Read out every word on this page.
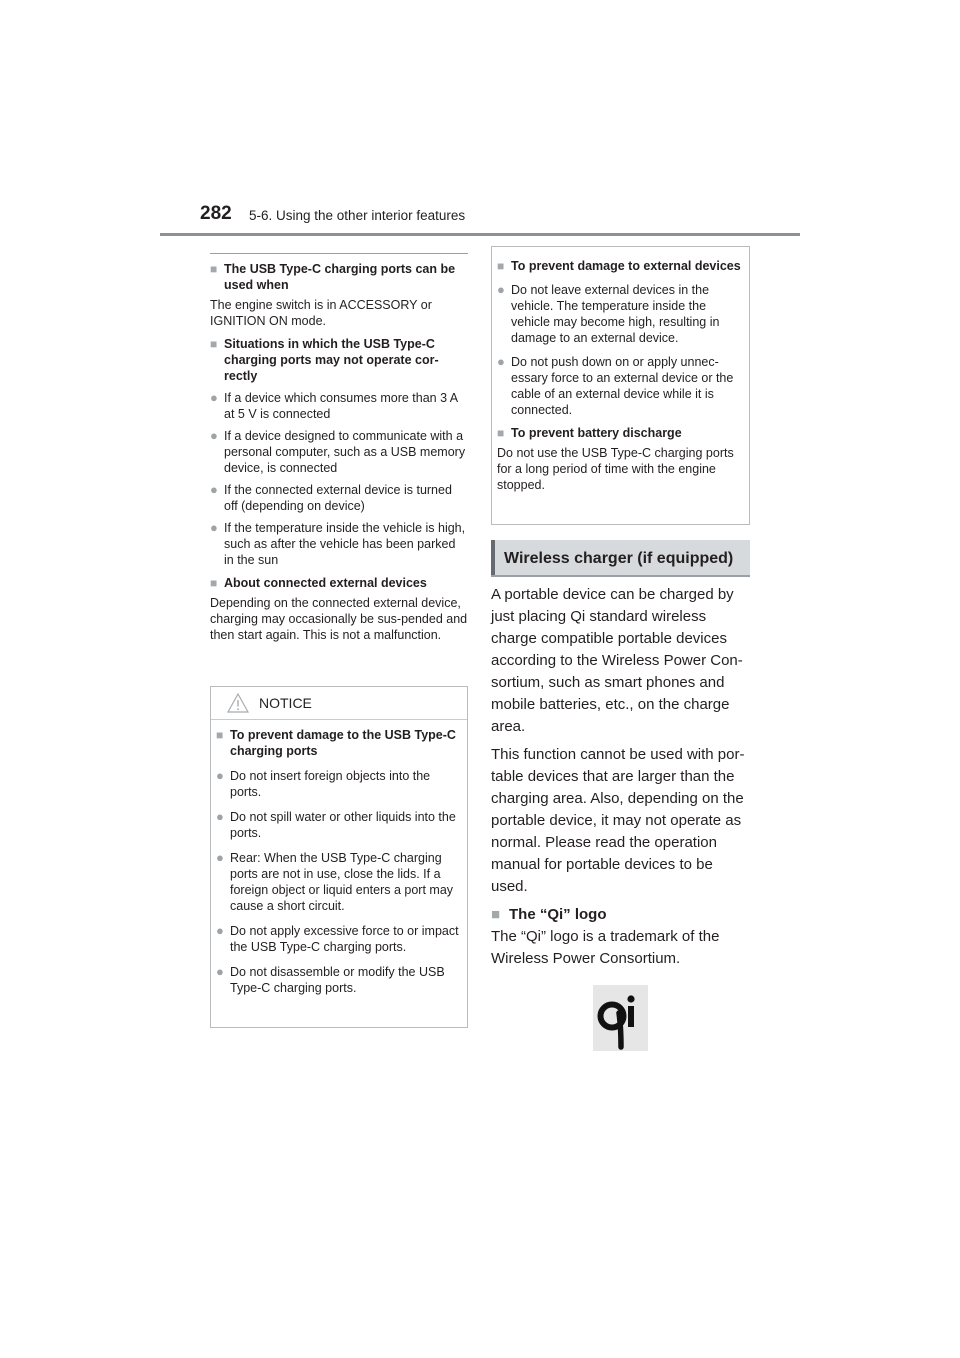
282 5-6. Using the other interior features
■ The USB Type-C charging ports can be used when
The engine switch is in ACCESSORY or IGNITION ON mode.
■ Situations in which the USB Type-C charging ports may not operate cor-rectly
● If a device which consumes more than 3 A at 5 V is connected
● If a device designed to communicate with a personal computer, such as a USB memory device, is connected
● If the connected external device is turned off (depending on device)
● If the temperature inside the vehicle is high, such as after the vehicle has been parked in the sun
■ About connected external devices
Depending on the connected external device, charging may occasionally be sus-pended and then start again. This is not a malfunction.
NOTICE
■ To prevent damage to the USB Type-C charging ports
● Do not insert foreign objects into the ports.
● Do not spill water or other liquids into the ports.
● Rear: When the USB Type-C charging ports are not in use, close the lids. If a foreign object or liquid enters a port may cause a short circuit.
● Do not apply excessive force to or impact the USB Type-C charging ports.
● Do not disassemble or modify the USB Type-C charging ports.
■ To prevent damage to external devices
● Do not leave external devices in the vehicle. The temperature inside the vehicle may become high, resulting in damage to an external device.
● Do not push down on or apply unnec-essary force to an external device or the cable of an external device while it is connected.
■ To prevent battery discharge
Do not use the USB Type-C charging ports for a long period of time with the engine stopped.
Wireless charger (if equipped)

A portable device can be charged by just placing Qi standard wireless charge compatible portable devices according to the Wireless Power Con-sortium, such as smart phones and mobile batteries, etc., on the charge area.

This function cannot be used with por-table devices that are larger than the charging area. Also, depending on the portable device, it may not operate as normal. Please read the operation manual for portable devices to be used.

■ The “Qi” logo

The “Qi” logo is a trademark of the Wireless Power Consortium.
